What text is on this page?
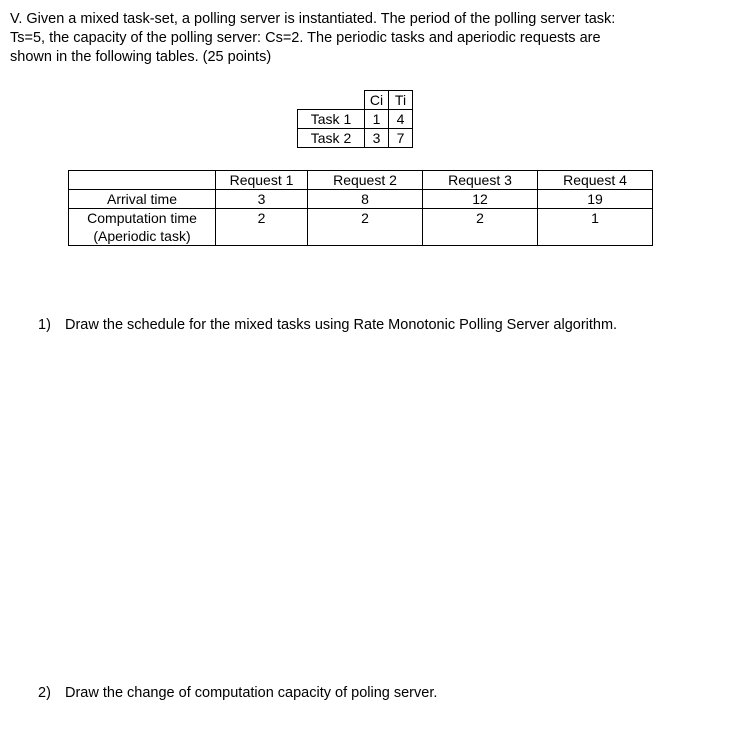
V. Given a mixed task-set, a polling server is instantiated. The period of the polling server task:

Ts=5, the capacity of the polling server: Cs=2. The periodic tasks and aperiodic requests are

shown in the following tables. (25 points)

	Ci	Ti
Task 1	1	4
Task 2	3	7
	Request 1	Request 2	Request 3	Request 4
Arrival time	3	8	12	19

Computation time
(Aperiodic task)	2	2	2	1
1) Draw the schedule for the mixed tasks using Rate Monotonic Polling Server algorithm.
2) Draw the change of computation capacity of poling server.
